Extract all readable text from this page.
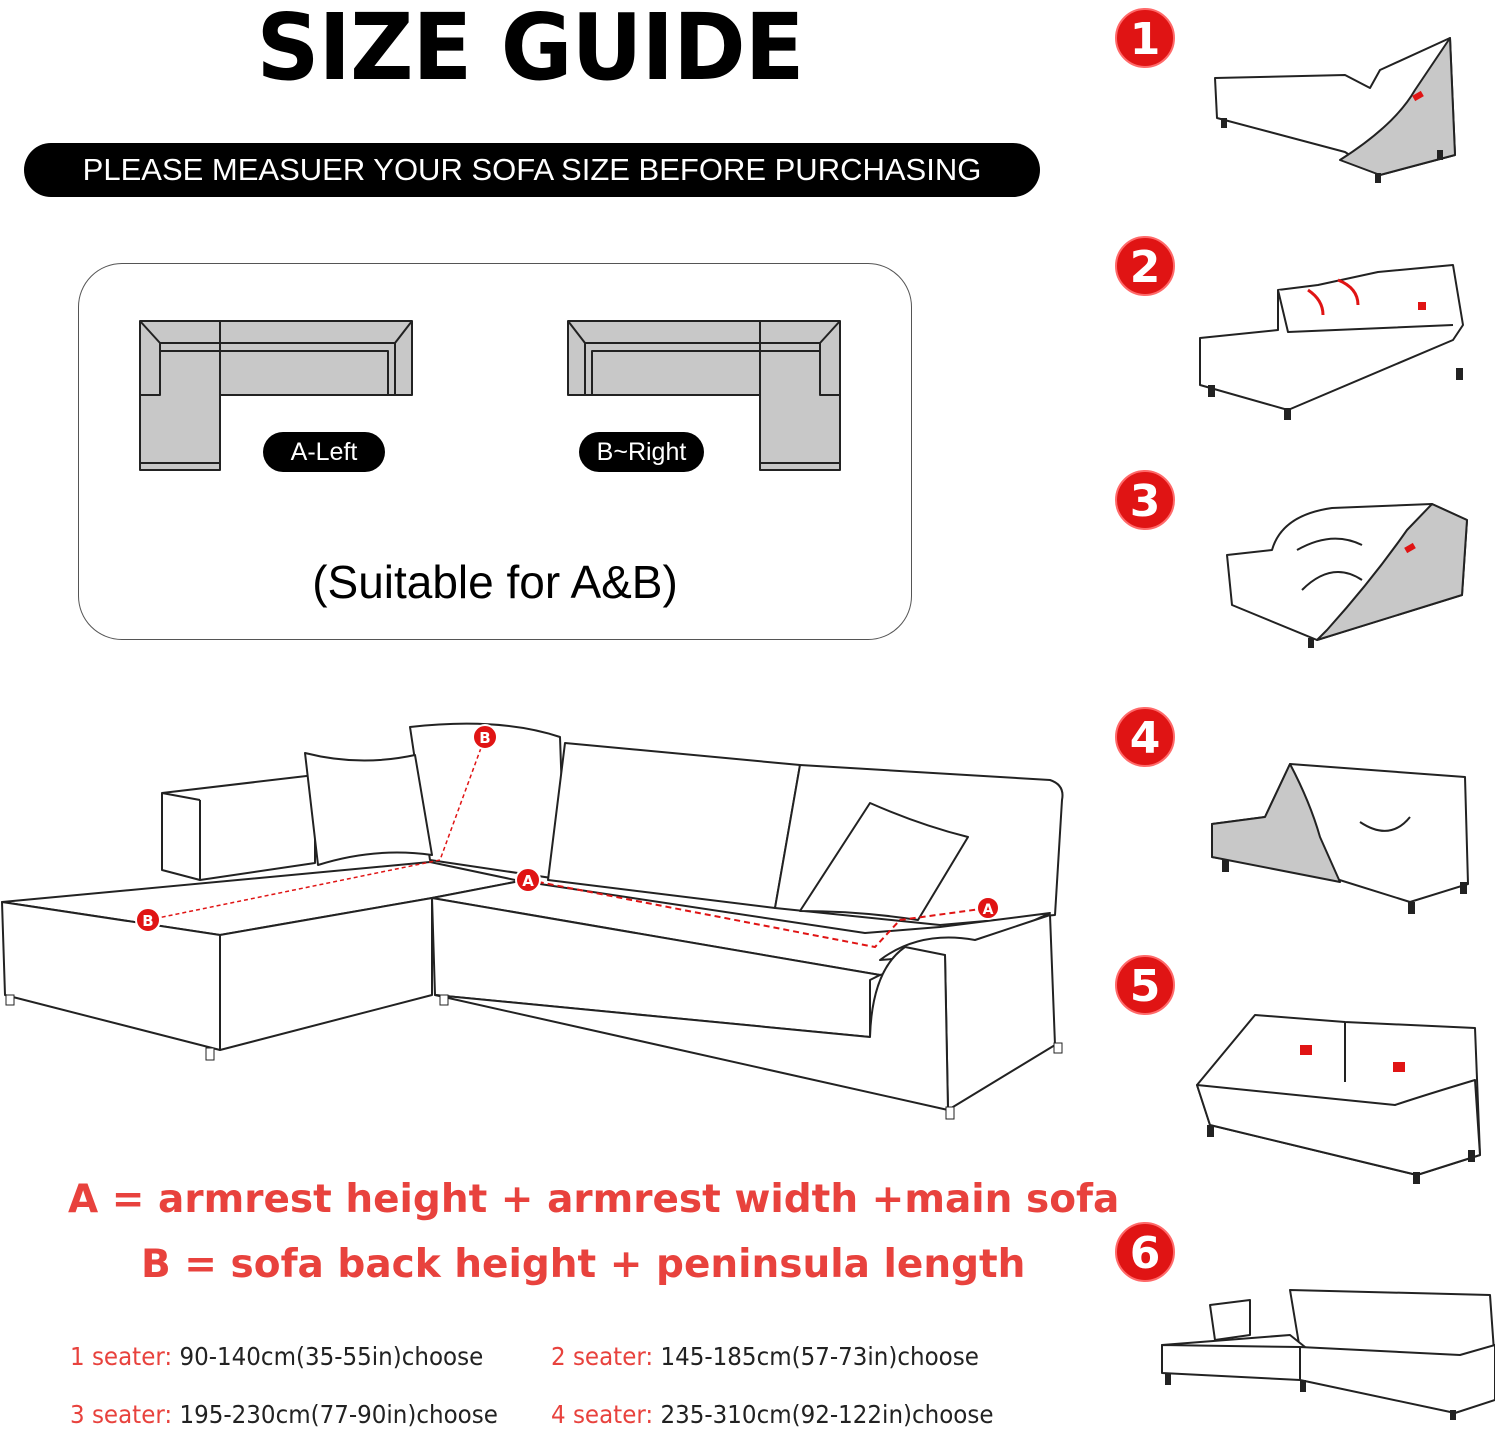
SIZE GUIDE
PLEASE MEASUER YOUR SOFA SIZE BEFORE PURCHASING
A-Left	B~Right
(Suitable for A&B)
B
B
A
A
A = armrest height + armrest width +main sofa
B = sofa back height + peninsula length
1 seater: 90-140cm(35-55in)choose	2 seater: 145-185cm(57-73in)choose
3 seater: 195-230cm(77-90in)choose 4 seater: 235-310cm(92-122in)choose
1
2
3
4
5
6
